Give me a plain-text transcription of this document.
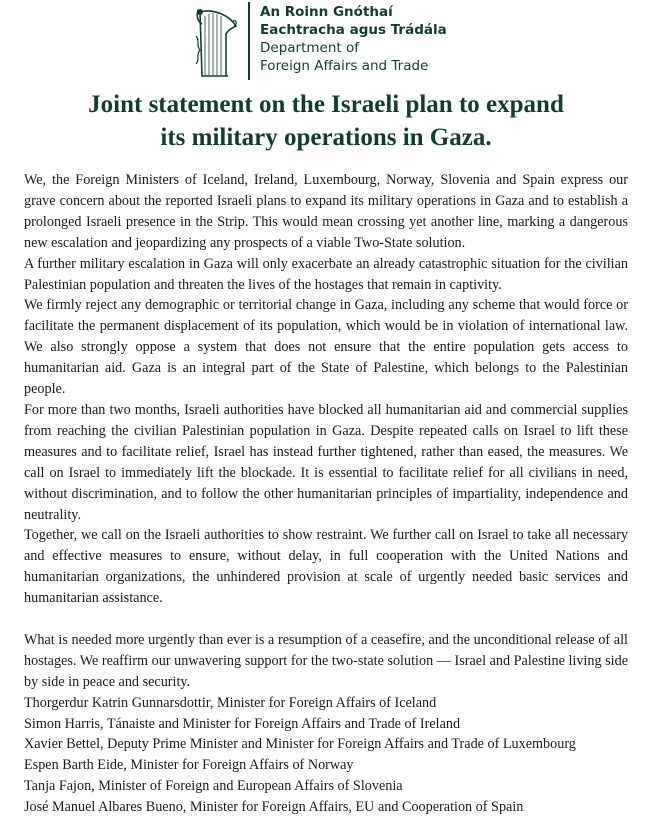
An Roinn Gnóthaí
Eachtracha agus Trádála
Department of
Foreign Affairs and Trade
Joint statement on the Israeli plan to expand
its military operations in Gaza.

We, the Foreign Ministers of Iceland, Ireland, Luxembourg, Norway, Slovenia and Spain express our grave concern about the reported Israeli plans to expand its military operations in Gaza and to establish a prolonged Israeli presence in the Strip. This would mean crossing yet another line, marking a dangerous new escalation and jeopardizing any prospects of a viable Two-State solution.

A further military escalation in Gaza will only exacerbate an already catastrophic situation for the civilian Palestinian population and threaten the lives of the hostages that remain in captivity.

We firmly reject any demographic or territorial change in Gaza, including any scheme that would force or facilitate the permanent displacement of its population, which would be in violation of international law. We also strongly oppose a system that does not ensure that the entire population gets access to humanitarian aid. Gaza is an integral part of the State of Palestine, which belongs to the Palestinian people.

For more than two months, Israeli authorities have blocked all humanitarian aid and commercial supplies from reaching the civilian Palestinian population in Gaza. Despite repeated calls on Israel to lift these measures and to facilitate relief, Israel has instead further tightened, rather than eased, the measures. We call on Israel to immediately lift the blockade. It is essential to facilitate relief for all civilians in need, without discrimination, and to follow the other humanitarian principles of impartiality, independence and neutrality.

Together, we call on the Israeli authorities to show restraint. We further call on Israel to take all necessary and effective measures to ensure, without delay, in full cooperation with the United Nations and humanitarian organizations, the unhindered provision at scale of urgently needed basic services and humanitarian assistance.

What is needed more urgently than ever is a resumption of a ceasefire, and the unconditional release of all hostages. We reaffirm our unwavering support for the two-state solution — Israel and Palestine living side by side in peace and security.

Thorgerdur Katrin Gunnarsdottir, Minister for Foreign Affairs of Iceland

Simon Harris, Tánaiste and Minister for Foreign Affairs and Trade of Ireland

Xavier Bettel, Deputy Prime Minister and Minister for Foreign Affairs and Trade of Luxembourg

Espen Barth Eide, Minister for Foreign Affairs of Norway

Tanja Fajon, Minister of Foreign and European Affairs of Slovenia

José Manuel Albares Bueno, Minister for Foreign Affairs, EU and Cooperation of Spain
